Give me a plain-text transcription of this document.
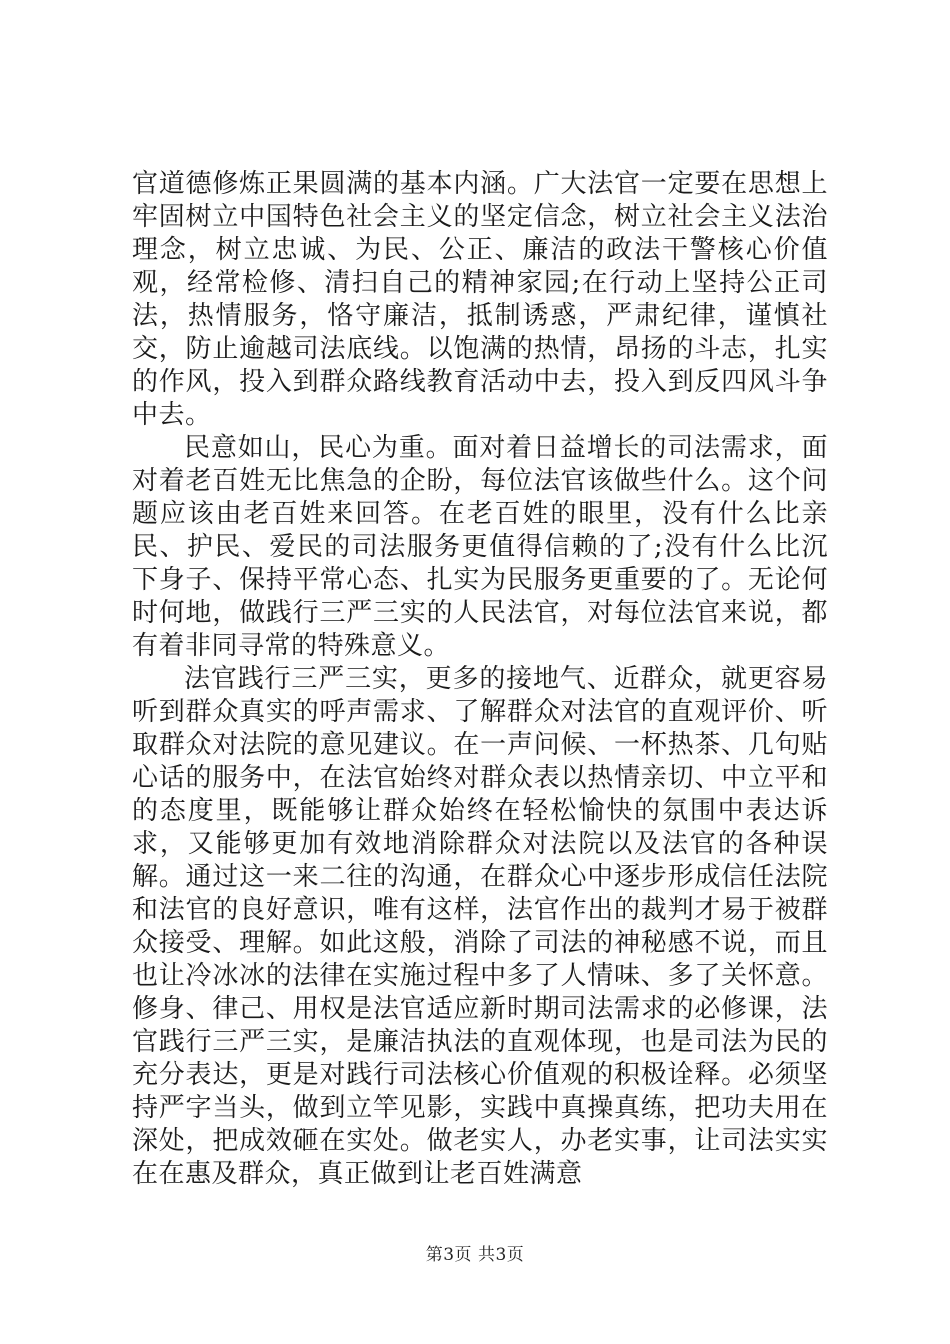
官道德修炼正果圆满的基本内涵。广大法官一定要在思想上牢固树立中国特色社会主义的坚定信念，树立社会主义法治理念，树立忠诚、为民、公正、廉洁的政法干警核心价值观，经常检修、清扫自己的精神家园;在行动上坚持公正司法，热情服务，恪守廉洁，抵制诱惑，严肃纪律，谨慎社交，防止逾越司法底线。以饱满的热情，昂扬的斗志，扎实的作风，投入到群众路线教育活动中去，投入到反四风斗争中去。

民意如山，民心为重。面对着日益增长的司法需求，面对着老百姓无比焦急的企盼，每位法官该做些什么。这个问题应该由老百姓来回答。在老百姓的眼里，没有什么比亲民、护民、爱民的司法服务更值得信赖的了;没有什么比沉下身子、保持平常心态、扎实为民服务更重要的了。无论何时何地，做践行三严三实的人民法官，对每位法官来说，都有着非同寻常的特殊意义。

法官践行三严三实，更多的接地气、近群众，就更容易听到群众真实的呼声需求、了解群众对法官的直观评价、听取群众对法院的意见建议。在一声问候、一杯热茶、几句贴心话的服务中，在法官始终对群众表以热情亲切、中立平和的态度里，既能够让群众始终在轻松愉快的氛围中表达诉求，又能够更加有效地消除群众对法院以及法官的各种误解。通过这一来二往的沟通，在群众心中逐步形成信任法院和法官的良好意识，唯有这样，法官作出的裁判才易于被群众接受、理解。如此这般，消除了司法的神秘感不说，而且也让冷冰冰的法律在实施过程中多了人情味、多了关怀意。修身、律己、用权是法官适应新时期司法需求的必修课，法官践行三严三实，是廉洁执法的直观体现，也是司法为民的充分表达，更是对践行司法核心价值观的积极诠释。必须坚持严字当头，做到立竿见影，实践中真操真练，把功夫用在深处，把成效砸在实处。做老实人，办老实事，让司法实实在在惠及群众，真正做到让老百姓满意

第3页 共3页
